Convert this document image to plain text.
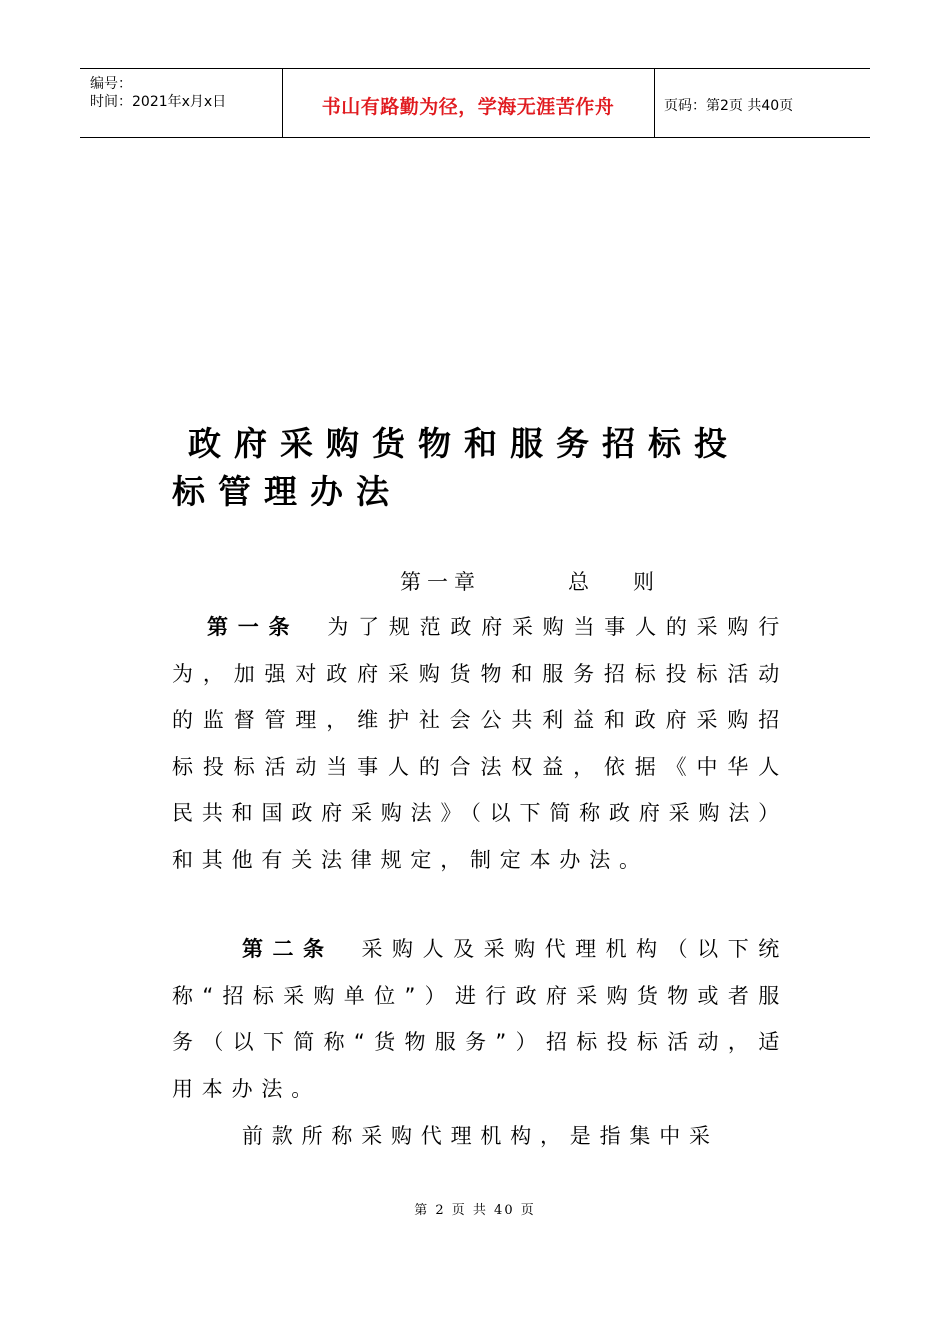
编号：
时间：2021年x月x日	书山有路勤为径，学海无涯苦作舟	页码：第2页 共40页
政府采购货物和服务招标投
标管理办法
第一章	总则

第一条 为了规范政府采购当事人的采购行为，加强对政府采购货物和服务招标投标活动的监督管理，维护社会公共利益和政府采购招标投标活动当事人的合法权益，依据《中华人民共和国政府采购法》（以下简称政府采购法）和其他有关法律规定，制定本办法。

第二条 采购人及采购代理机构（以下统称“招标采购单位”）进行政府采购货物或者服务（以下简称“货物服务”）招标投标活动，适用本办法。

前款所称采购代理机构，是指集中采

第 2 页 共 40 页
